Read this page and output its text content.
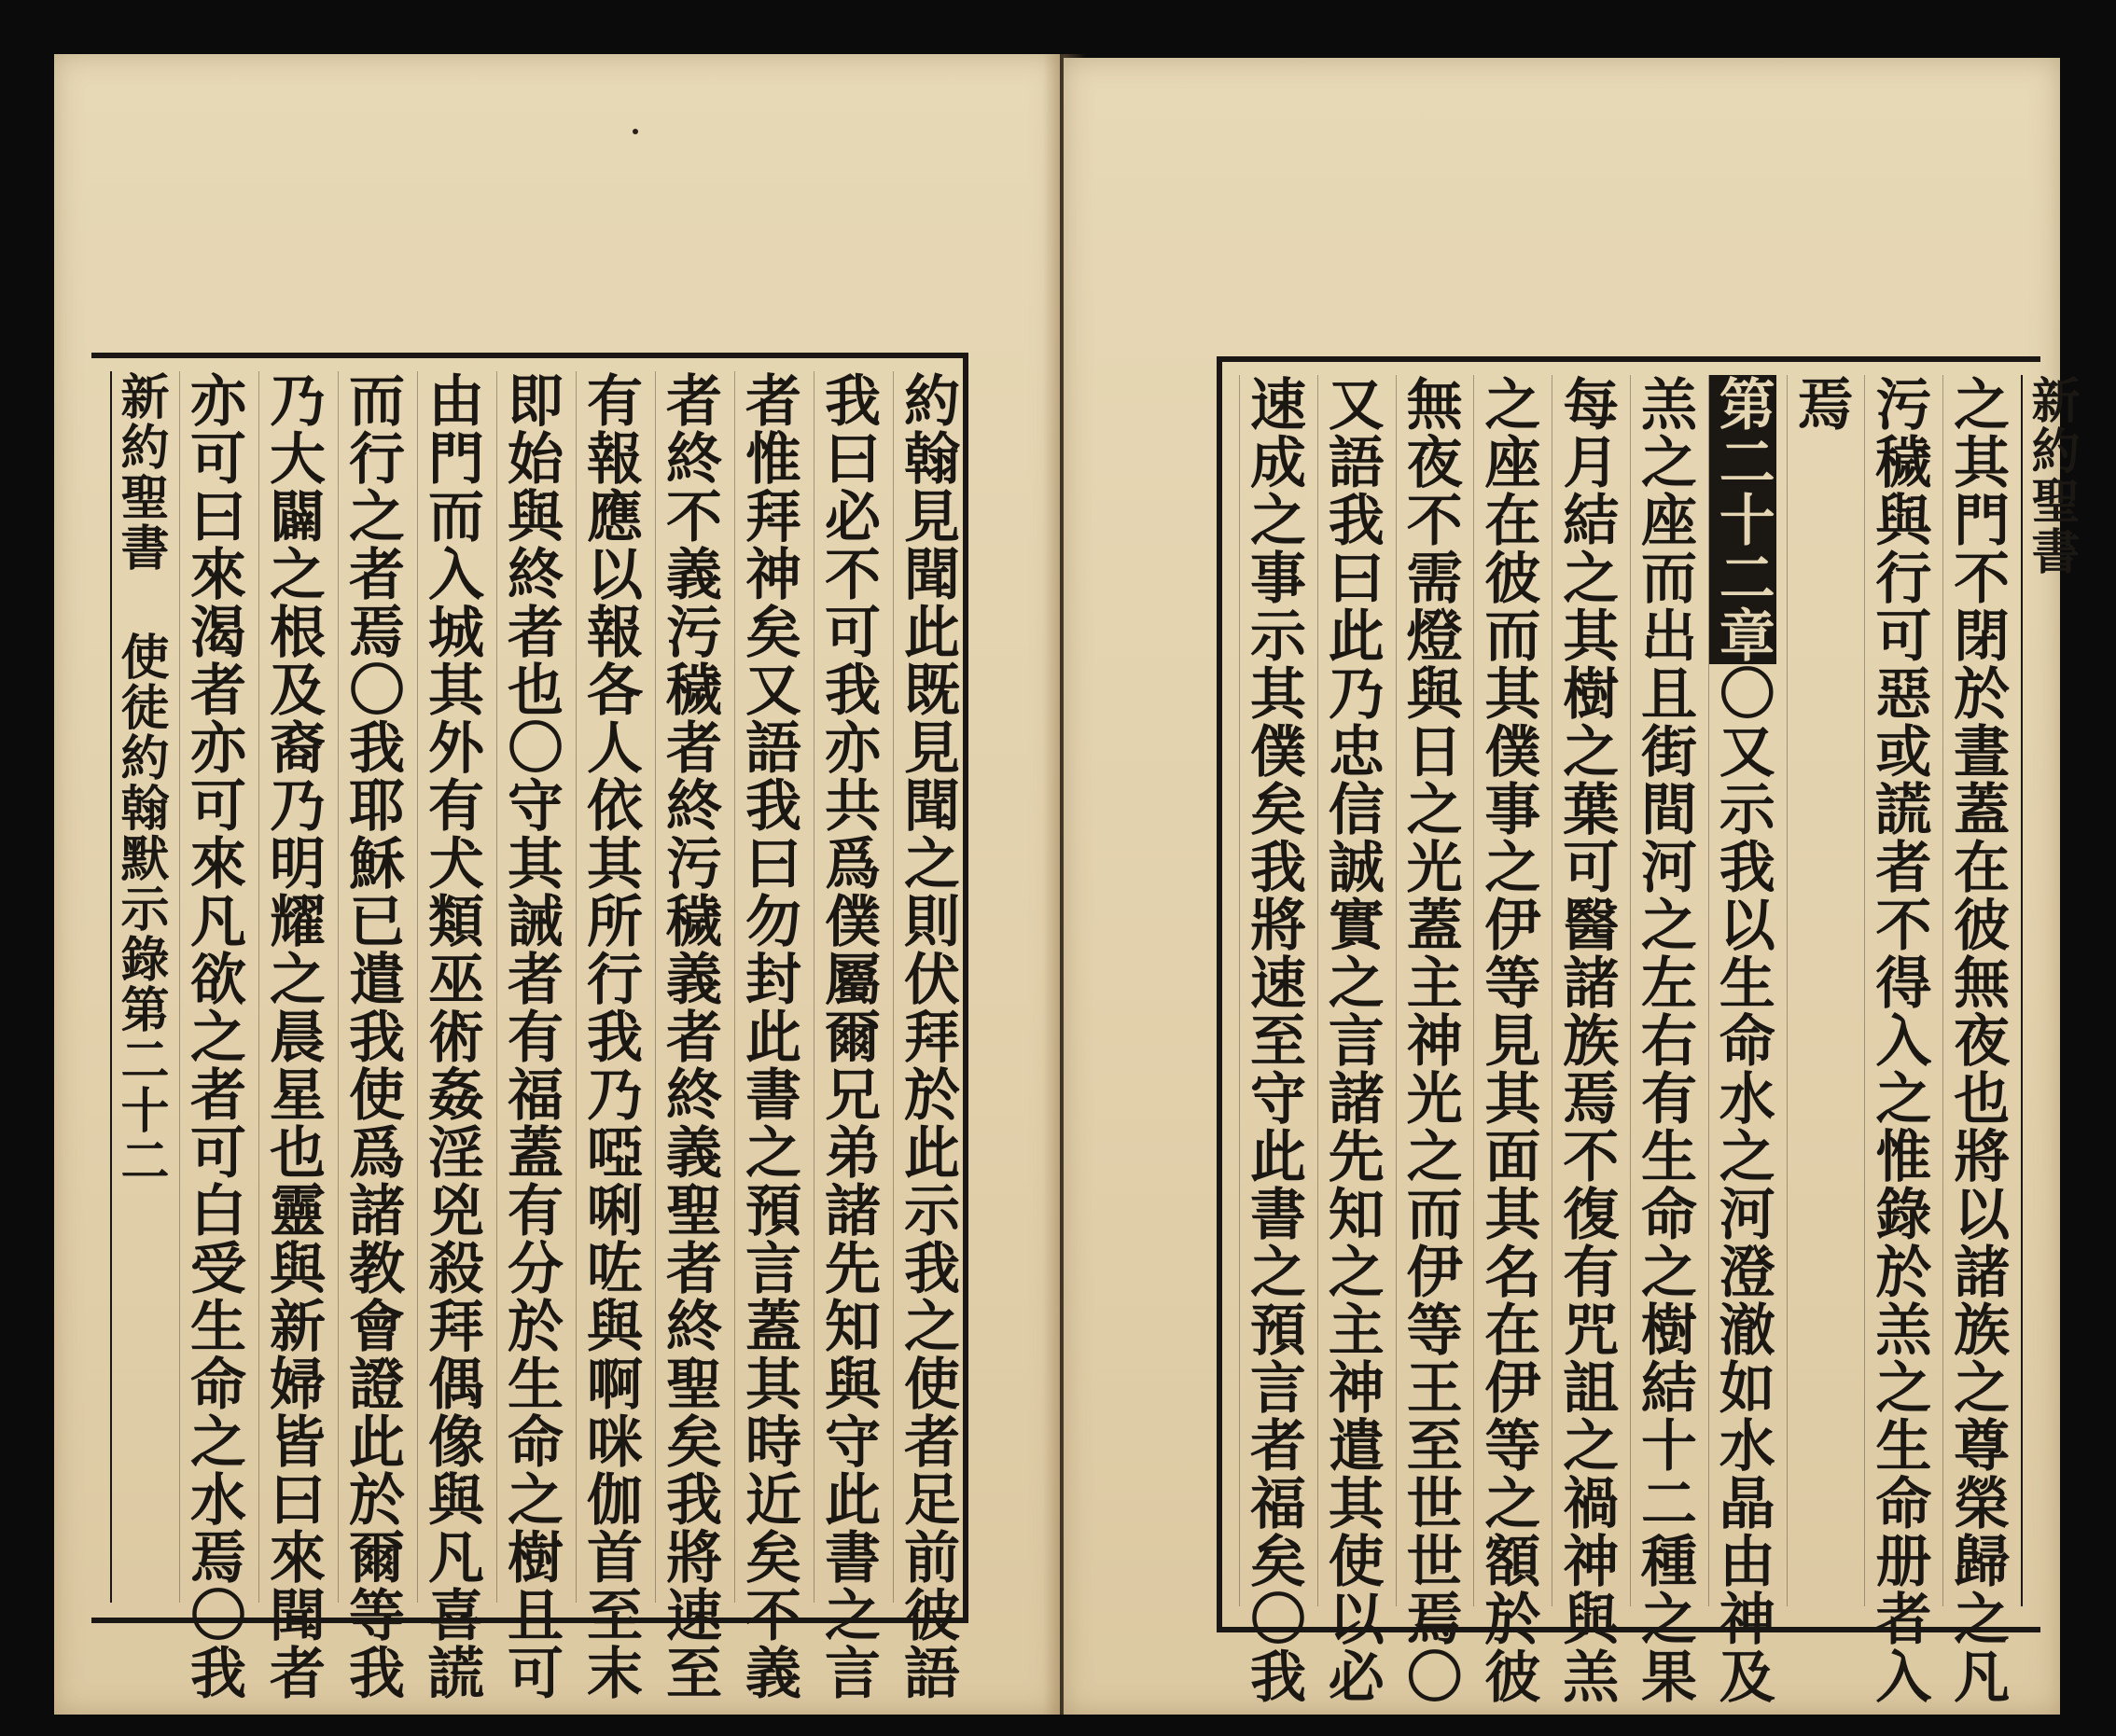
約翰見聞此既見聞之則伏拜於此示我之使者足前彼語
我曰必不可我亦共爲僕屬爾兄弟諸先知與守此書之言
者惟拜神矣又語我曰勿封此書之預言蓋其時近矣不義
者終不義污穢者終污穢義者終義聖者終聖矣我將速至
有報應以報各人依其所行我乃啞唎咗與啊咪伽首至末
即始與終者也〇守其誡者有福蓋有分於生命之樹且可
由門而入城其外有犬類巫術姦淫兇殺拜偶像與凡喜謊
而行之者焉〇我耶穌已遣我使爲諸教會證此於爾等我
乃大闢之根及裔乃明耀之晨星也靈與新婦皆曰來聞者
亦可曰來渴者亦可來凡欲之者可白受生命之水焉〇我
新約聖書 使徒約翰默示錄第二十二	新約聖書
之其門不閉於晝蓋在彼無夜也將以諸族之尊榮歸之凡
污穢與行可惡或謊者不得入之惟錄於羔之生命册者入
焉
第二十二章〇又示我以生命水之河澄澈如水晶由神及
羔之座而出且街間河之左右有生命之樹結十二種之果
每月結之其樹之葉可醫諸族焉不復有咒詛之禍神與羔
之座在彼而其僕事之伊等見其面其名在伊等之額於彼
無夜不需燈與日之光蓋主神光之而伊等王至世世焉〇
又語我曰此乃忠信誠實之言諸先知之主神遣其使以必
速成之事示其僕矣我將速至守此書之預言者福矣〇我
